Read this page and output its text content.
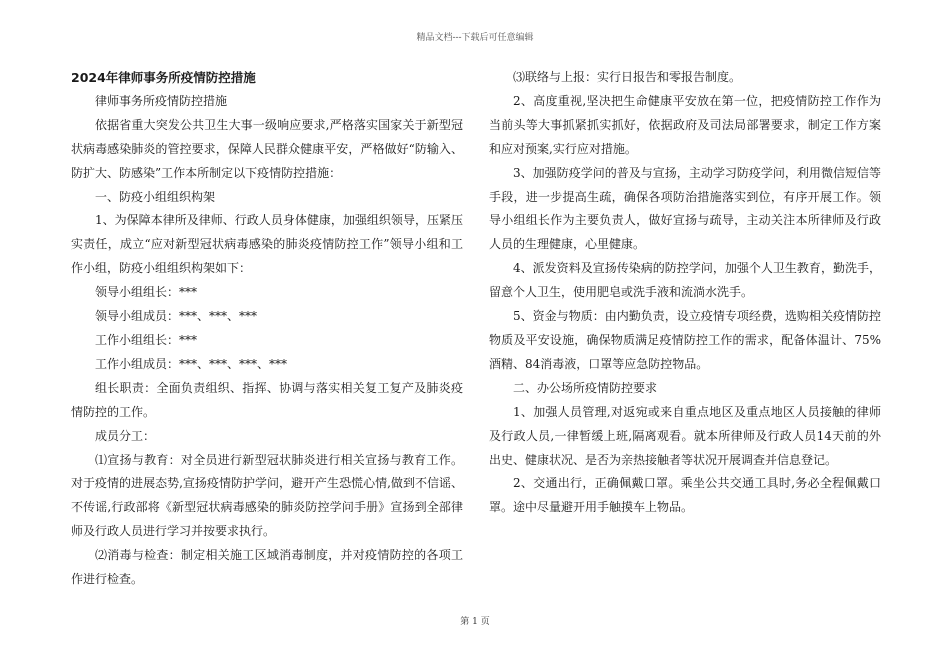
精品文档---下载后可任意编辑

2024年律师事务所疫情防控措施

律师事务所疫情防控措施

依据省重大突发公共卫生大事一级响应要求,严格落实国家关于新型冠状病毒感染肺炎的管控要求，保障人民群众健康平安，严格做好“防输入、防扩大、防感染”工作本所制定以下疫情防控措施：

一、防疫小组组织构架

1、为保障本律所及律师、行政人员身体健康，加强组织领导，压紧压实责任，成立“应对新型冠状病毒感染的肺炎疫情防控工作”领导小组和工作小组，防疫小组组织构架如下：

领导小组组长：***

领导小组成员：***、***、***

工作小组组长：***

工作小组成员：***、***、***、***

组长职责：全面负责组织、指挥、协调与落实相关复工复产及肺炎疫情防控的工作。

成员分工：

⑴宣扬与教育：对全员进行新型冠状肺炎进行相关宣扬与教育工作。对于疫情的进展态势,宣扬疫情防护学问，避开产生恐慌心情,做到不信谣、不传谣,行政部将《新型冠状病毒感染的肺炎防控学问手册》宣扬到全部律师及行政人员进行学习并按要求执行。

⑵消毒与检查：制定相关施工区域消毒制度，并对疫情防控的各项工作进行检查。

⑶联络与上报：实行日报告和零报告制度。

2、高度重视,坚决把生命健康平安放在第一位，把疫情防控工作作为当前头等大事抓紧抓实抓好，依据政府及司法局部署要求，制定工作方案和应对预案,实行应对措施。

3、加强防疫学问的普及与宣扬，主动学习防疫学问，利用微信短信等手段，进一步提高生疏，确保各项防治措施落实到位，有序开展工作。领导小组组长作为主要负责人，做好宣扬与疏导，主动关注本所律师及行政人员的生理健康，心里健康。

4、派发资料及宣扬传染病的防控学问，加强个人卫生教育，勤洗手，留意个人卫生，使用肥皂或洗手液和流淌水洗手。

5、资金与物质：由内勤负责，设立疫情专项经费，选购相关疫情防控物质及平安设施，确保物质满足疫情防控工作的需求，配备体温计、75%酒精、84消毒液，口罩等应急防控物品。

二、办公场所疫情防控要求

1、加强人员管理,对返宛或来自重点地区及重点地区人员接触的律师及行政人员,一律暂缓上班,隔离观看。就本所律师及行政人员14天前的外出史、健康状况、是否为亲热接触者等状况开展调查并信息登记。

2、交通出行，正确佩戴口罩。乘坐公共交通工具时,务必全程佩戴口罩。途中尽量避开用手触摸车上物品。

第 1 页
